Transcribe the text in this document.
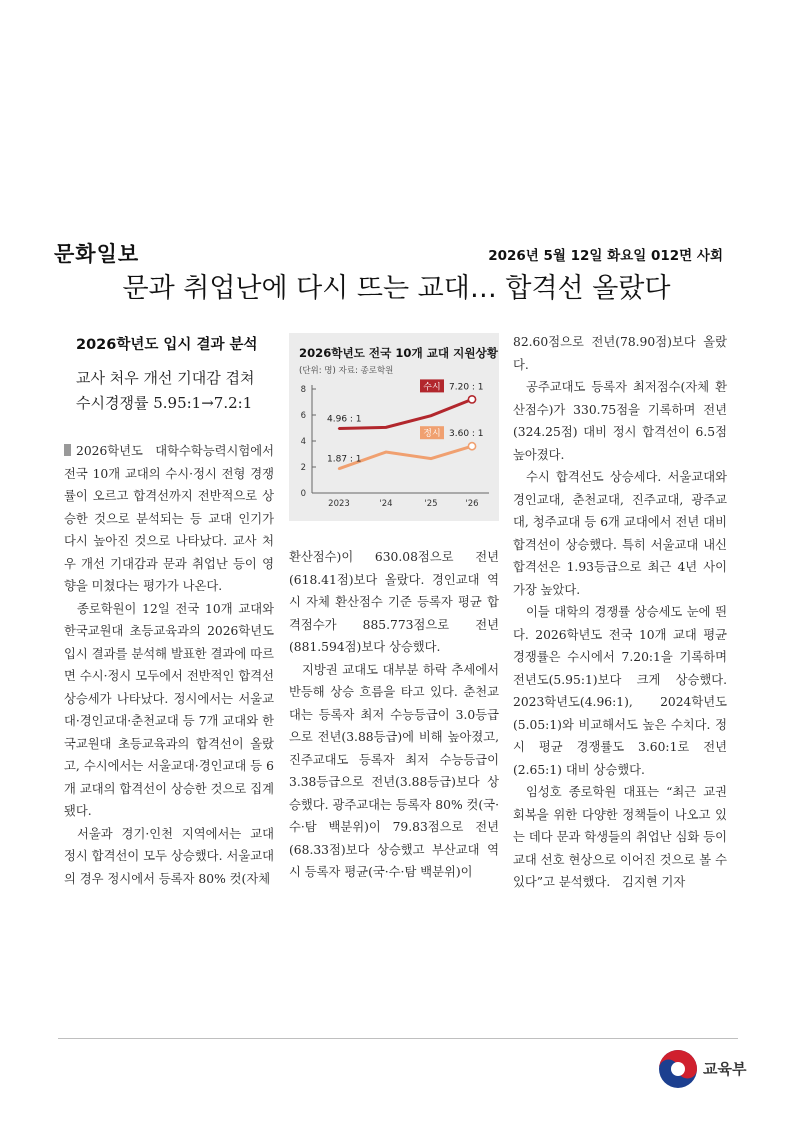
문화일보	2026년 5월 12일 화요일 012면 사회
문과 취업난에 다시 뜨는 교대… 합격선 올랐다
2026학년도 입시 결과 분석
교사 처우 개선 기대감 겹쳐
수시경쟁률 5.95:1→7.2:1
2026학년도 전국 10개 교대 지원상황
(단위: 명) 자료: 종로학원
0
2
4
6
8
2023	'24	'25	'26
4.96 : 1
수시 7.20 : 1
1.87 : 1
정시 3.60 : 1

2026학년도 대학수학능력시험에서 전국 10개 교대의 수시·정시 전형 경쟁률이 오르고 합격선까지 전반적으로 상승한 것으로 분석되는 등 교대 인기가 다시 높아진 것으로 나타났다. 교사 처우 개선 기대감과 문과 취업난 등이 영향을 미쳤다는 평가가 나온다.

종로학원이 12일 전국 10개 교대와 한국교원대 초등교육과의 2026학년도 입시 결과를 분석해 발표한 결과에 따르면 수시·정시 모두에서 전반적인 합격선 상승세가 나타났다. 정시에서는 서울교대·경인교대·춘천교대 등 7개 교대와 한국교원대 초등교육과의 합격선이 올랐고, 수시에서는 서울교대·경인교대 등 6개 교대의 합격선이 상승한 것으로 집계됐다.

서울과 경기·인천 지역에서는 교대 정시 합격선이 모두 상승했다. 서울교대의 경우 정시에서 등록자 80% 컷(자체

환산점수)이 630.08점으로 전년(618.41점)보다 올랐다. 경인교대 역시 자체 환산점수 기준 등록자 평균 합격점수가 885.773점으로 전년(881.594점)보다 상승했다.

지방권 교대도 대부분 하락 추세에서 반등해 상승 흐름을 타고 있다. 춘천교대는 등록자 최저 수능등급이 3.0등급으로 전년(3.88등급)에 비해 높아졌고, 진주교대도 등록자 최저 수능등급이 3.38등급으로 전년(3.88등급)보다 상승했다. 광주교대는 등록자 80% 컷(국·수·탐 백분위)이 79.83점으로 전년(68.33점)보다 상승했고 부산교대 역시 등록자 평균(국·수·탐 백분위)이

82.60점으로 전년(78.90점)보다 올랐다.

공주교대도 등록자 최저점수(자체 환산점수)가 330.75점을 기록하며 전년(324.25점) 대비 정시 합격선이 6.5점 높아졌다.

수시 합격선도 상승세다. 서울교대와 경인교대, 춘천교대, 진주교대, 광주교대, 청주교대 등 6개 교대에서 전년 대비 합격선이 상승했다. 특히 서울교대 내신 합격선은 1.93등급으로 최근 4년 사이 가장 높았다.

이들 대학의 경쟁률 상승세도 눈에 띈다. 2026학년도 전국 10개 교대 평균 경쟁률은 수시에서 7.20:1을 기록하며 전년도(5.95:1)보다 크게 상승했다. 2023학년도(4.96:1), 2024학년도(5.05:1)와 비교해서도 높은 수치다. 정시 평균 경쟁률도 3.60:1로 전년(2.65:1) 대비 상승했다.

임성호 종로학원 대표는 “최근 교권 회복을 위한 다양한 정책들이 나오고 있는 데다 문과 학생들의 취업난 심화 등이 교대 선호 현상으로 이어진 것으로 볼 수 있다”고 분석했다. 김지현 기자

교육부
